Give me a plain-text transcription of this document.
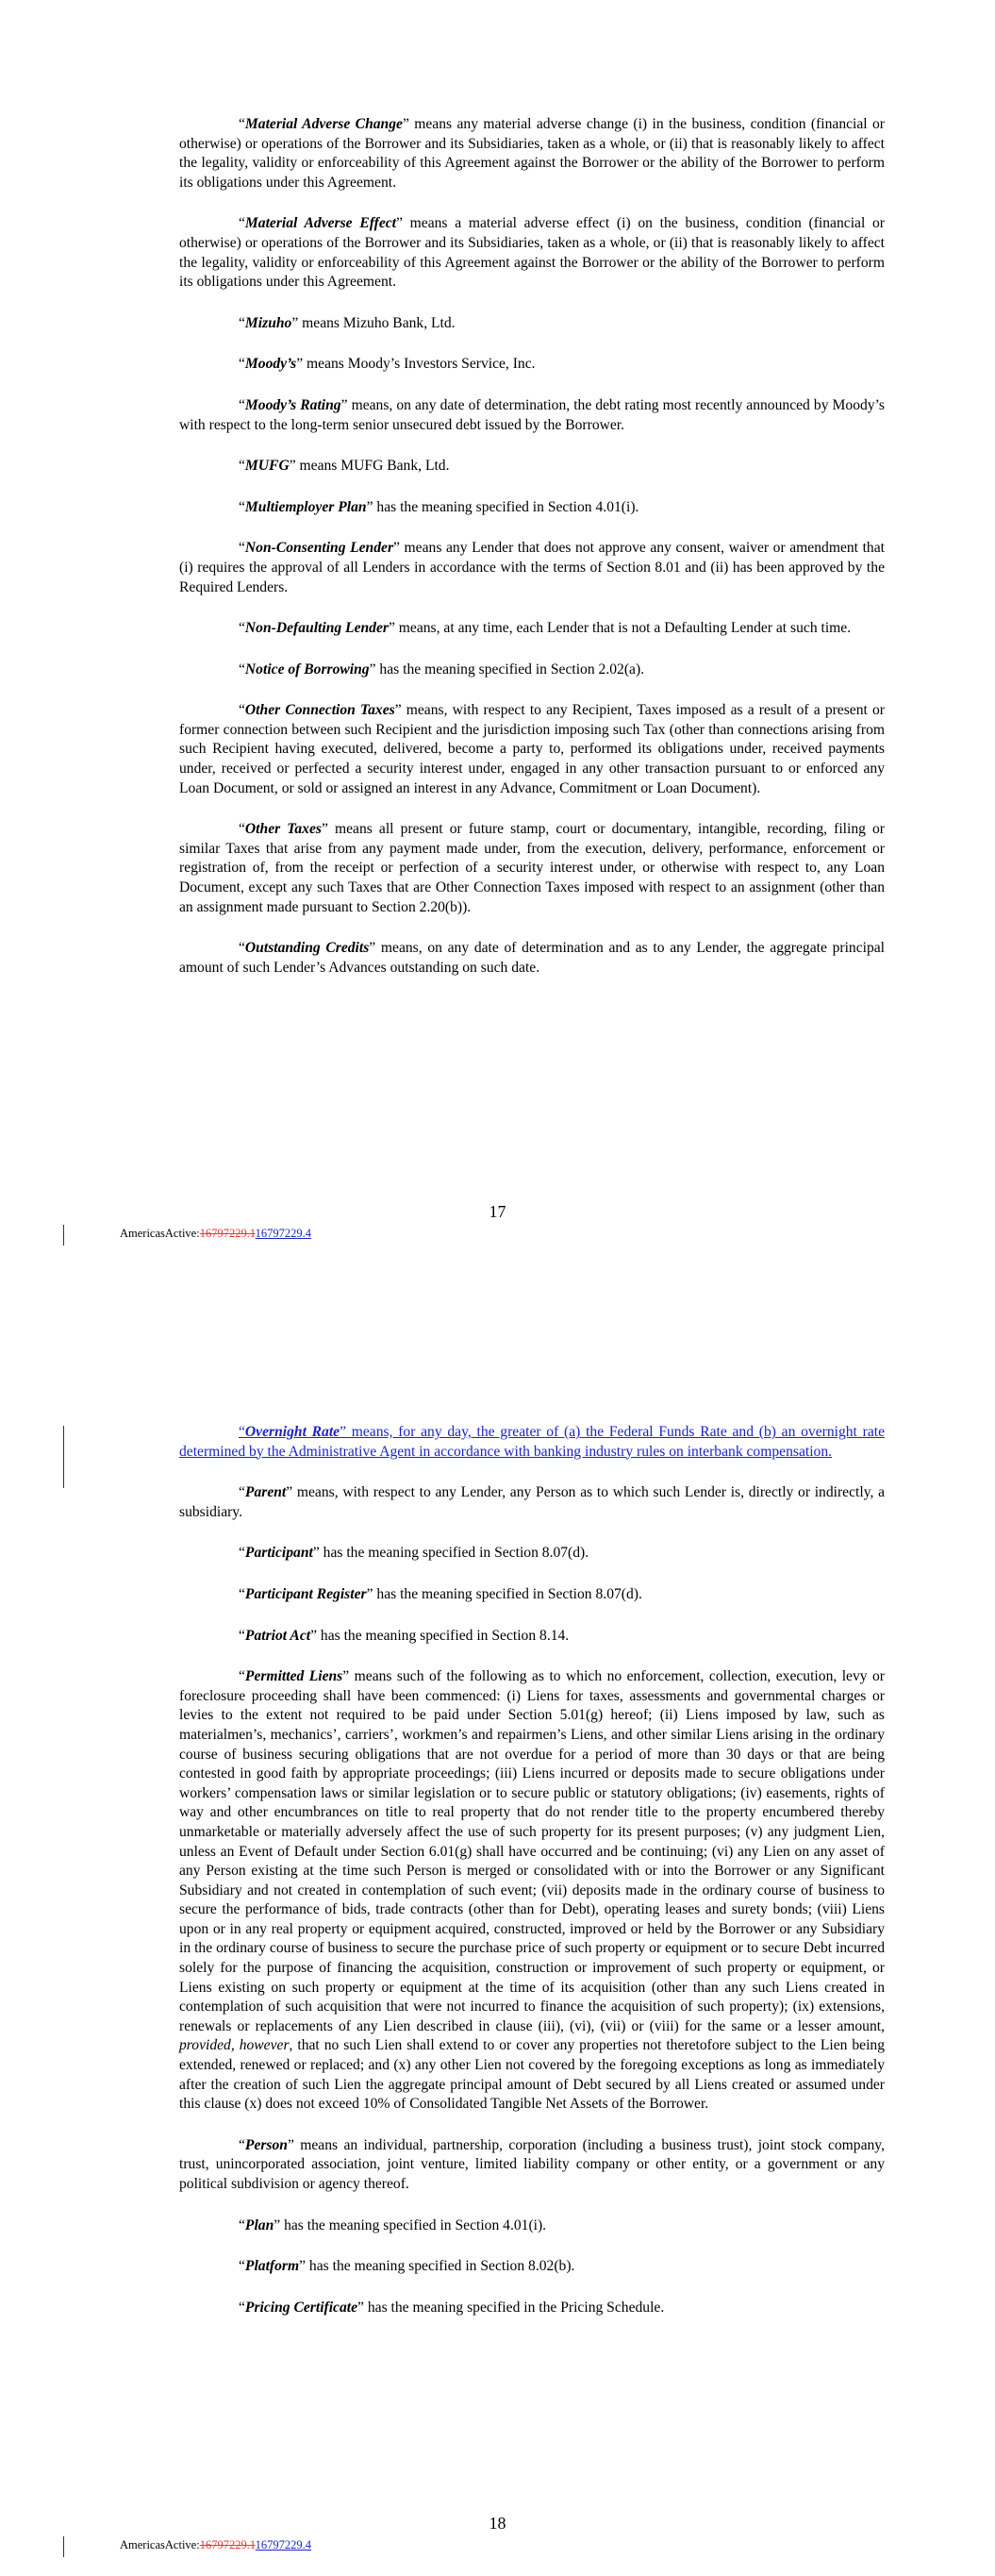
“Material Adverse Change” means any material adverse change (i) in the business, condition (financial or otherwise) or operations of the Borrower and its Subsidiaries, taken as a whole, or (ii) that is reasonably likely to affect the legality, validity or enforceability of this Agreement against the Borrower or the ability of the Borrower to perform its obligations under this Agreement.

“Material Adverse Effect” means a material adverse effect (i) on the business, condition (financial or otherwise) or operations of the Borrower and its Subsidiaries, taken as a whole, or (ii) that is reasonably likely to affect the legality, validity or enforceability of this Agreement against the Borrower or the ability of the Borrower to perform its obligations under this Agreement.

“Mizuho” means Mizuho Bank, Ltd.

“Moody’s” means Moody’s Investors Service, Inc.

“Moody’s Rating” means, on any date of determination, the debt rating most recently announced by Moody’s with respect to the long-term senior unsecured debt issued by the Borrower.

“MUFG” means MUFG Bank, Ltd.

“Multiemployer Plan” has the meaning specified in Section 4.01(i).

“Non-Consenting Lender” means any Lender that does not approve any consent, waiver or amendment that (i) requires the approval of all Lenders in accordance with the terms of Section 8.01 and (ii) has been approved by the Required Lenders.

“Non-Defaulting Lender” means, at any time, each Lender that is not a Defaulting Lender at such time.

“Notice of Borrowing” has the meaning specified in Section 2.02(a).

“Other Connection Taxes” means, with respect to any Recipient, Taxes imposed as a result of a present or former connection between such Recipient and the jurisdiction imposing such Tax (other than connections arising from such Recipient having executed, delivered, become a party to, performed its obligations under, received payments under, received or perfected a security interest under, engaged in any other transaction pursuant to or enforced any Loan Document, or sold or assigned an interest in any Advance, Commitment or Loan Document).

“Other Taxes” means all present or future stamp, court or documentary, intangible, recording, filing or similar Taxes that arise from any payment made under, from the execution, delivery, performance, enforcement or registration of, from the receipt or perfection of a security interest under, or otherwise with respect to, any Loan Document, except any such Taxes that are Other Connection Taxes imposed with respect to an assignment (other than an assignment made pursuant to Section 2.20(b)).

“Outstanding Credits” means, on any date of determination and as to any Lender, the aggregate principal amount of such Lender’s Advances outstanding on such date.

17
AmericasActive:16797229.116797229.4

“Overnight Rate” means, for any day, the greater of (a) the Federal Funds Rate and (b) an overnight rate determined by the Administrative Agent in accordance with banking industry rules on interbank compensation.

“Parent” means, with respect to any Lender, any Person as to which such Lender is, directly or indirectly, a subsidiary.

“Participant” has the meaning specified in Section 8.07(d).

“Participant Register” has the meaning specified in Section 8.07(d).

“Patriot Act” has the meaning specified in Section 8.14.

“Permitted Liens” means such of the following as to which no enforcement, collection, execution, levy or foreclosure proceeding shall have been commenced: (i) Liens for taxes, assessments and governmental charges or levies to the extent not required to be paid under Section 5.01(g) hereof; (ii) Liens imposed by law, such as materialmen’s, mechanics’, carriers’, workmen’s and repairmen’s Liens, and other similar Liens arising in the ordinary course of business securing obligations that are not overdue for a period of more than 30 days or that are being contested in good faith by appropriate proceedings; (iii) Liens incurred or deposits made to secure obligations under workers’ compensation laws or similar legislation or to secure public or statutory obligations; (iv) easements, rights of way and other encumbrances on title to real property that do not render title to the property encumbered thereby unmarketable or materially adversely affect the use of such property for its present purposes; (v) any judgment Lien, unless an Event of Default under Section 6.01(g) shall have occurred and be continuing; (vi) any Lien on any asset of any Person existing at the time such Person is merged or consolidated with or into the Borrower or any Significant Subsidiary and not created in contemplation of such event; (vii) deposits made in the ordinary course of business to secure the performance of bids, trade contracts (other than for Debt), operating leases and surety bonds; (viii) Liens upon or in any real property or equipment acquired, constructed, improved or held by the Borrower or any Subsidiary in the ordinary course of business to secure the purchase price of such property or equipment or to secure Debt incurred solely for the purpose of financing the acquisition, construction or improvement of such property or equipment, or Liens existing on such property or equipment at the time of its acquisition (other than any such Liens created in contemplation of such acquisition that were not incurred to finance the acquisition of such property); (ix) extensions, renewals or replacements of any Lien described in clause (iii), (vi), (vii) or (viii) for the same or a lesser amount, provided, however, that no such Lien shall extend to or cover any properties not theretofore subject to the Lien being extended, renewed or replaced; and (x) any other Lien not covered by the foregoing exceptions as long as immediately after the creation of such Lien the aggregate principal amount of Debt secured by all Liens created or assumed under this clause (x) does not exceed 10% of Consolidated Tangible Net Assets of the Borrower.

“Person” means an individual, partnership, corporation (including a business trust), joint stock company, trust, unincorporated association, joint venture, limited liability company or other entity, or a government or any political subdivision or agency thereof.

“Plan” has the meaning specified in Section 4.01(i).

“Platform” has the meaning specified in Section 8.02(b).

“Pricing Certificate” has the meaning specified in the Pricing Schedule.

18
AmericasActive:16797229.116797229.4
